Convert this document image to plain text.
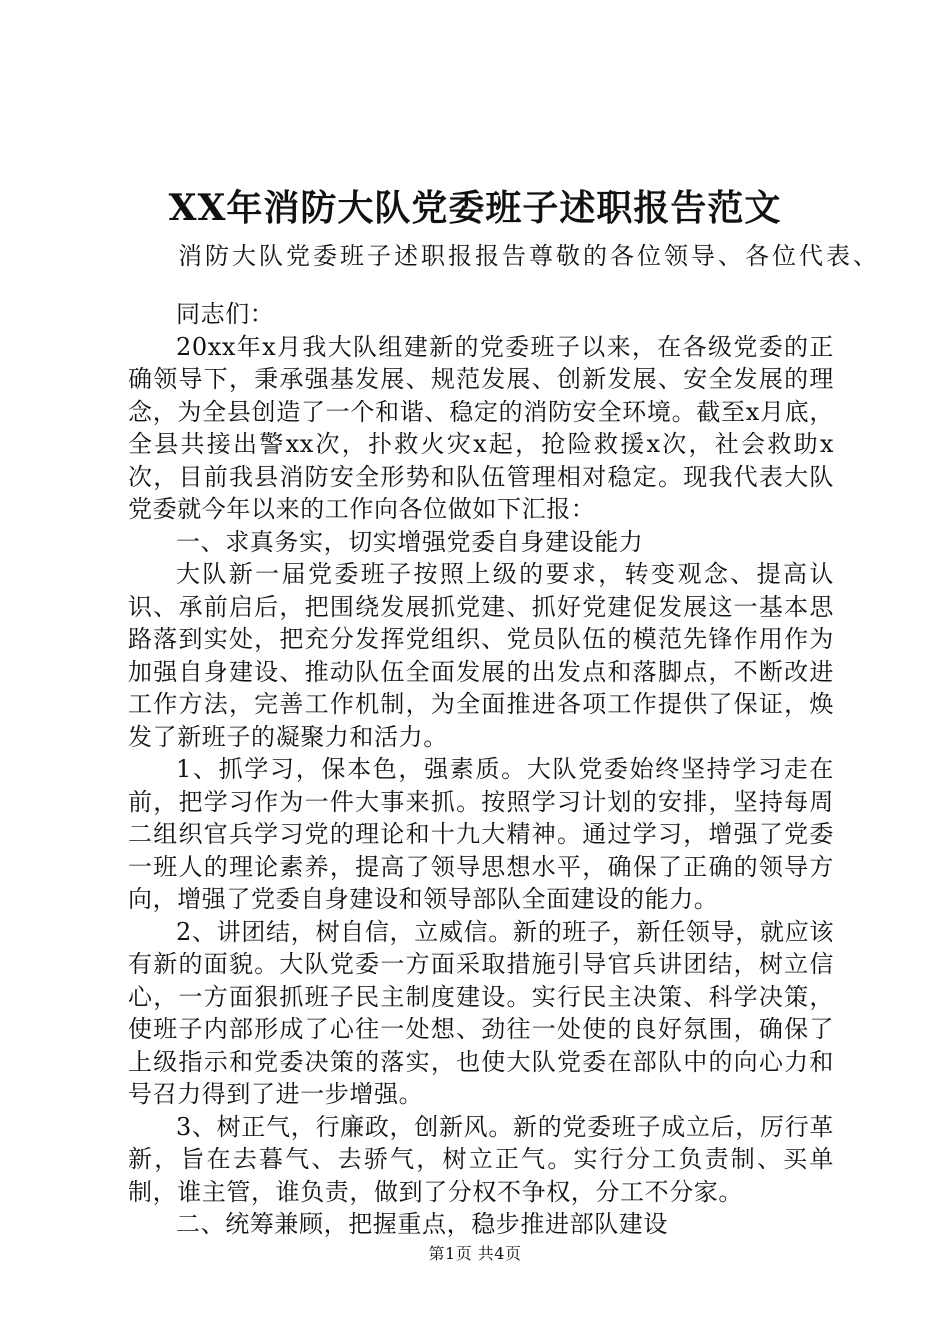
XX年消防大队党委班子述职报告范文

消防大队党委班子述职报报告尊敬的各位领导、各位代表、

同志们：

20xx年x月我大队组建新的党委班子以来，在各级党委的正确领导下，秉承强基发展、规范发展、创新发展、安全发展的理念，为全县创造了一个和谐、稳定的消防安全环境。截至x月底，全县共接出警xx次，扑救火灾x起，抢险救援x次，社会救助x次，目前我县消防安全形势和队伍管理相对稳定。现我代表大队党委就今年以来的工作向各位做如下汇报：

一、求真务实，切实增强党委自身建设能力

大队新一届党委班子按照上级的要求，转变观念、提高认识、承前启后，把围绕发展抓党建、抓好党建促发展这一基本思路落到实处，把充分发挥党组织、党员队伍的模范先锋作用作为加强自身建设、推动队伍全面发展的出发点和落脚点，不断改进工作方法，完善工作机制，为全面推进各项工作提供了保证，焕发了新班子的凝聚力和活力。

1、抓学习，保本色，强素质。大队党委始终坚持学习走在前，把学习作为一件大事来抓。按照学习计划的安排，坚持每周二组织官兵学习党的理论和十九大精神。通过学习，增强了党委一班人的理论素养，提高了领导思想水平，确保了正确的领导方向，增强了党委自身建设和领导部队全面建设的能力。

2、讲团结，树自信，立威信。新的班子，新任领导，就应该有新的面貌。大队党委一方面采取措施引导官兵讲团结，树立信心，一方面狠抓班子民主制度建设。实行民主决策、科学决策，使班子内部形成了心往一处想、劲往一处使的良好氛围，确保了上级指示和党委决策的落实，也使大队党委在部队中的向心力和号召力得到了进一步增强。

3、树正气，行廉政，创新风。新的党委班子成立后，厉行革新，旨在去暮气、去骄气，树立正气。实行分工负责制、买单制，谁主管，谁负责，做到了分权不争权，分工不分家。

二、统筹兼顾，把握重点，稳步推进部队建设

第1页 共4页
